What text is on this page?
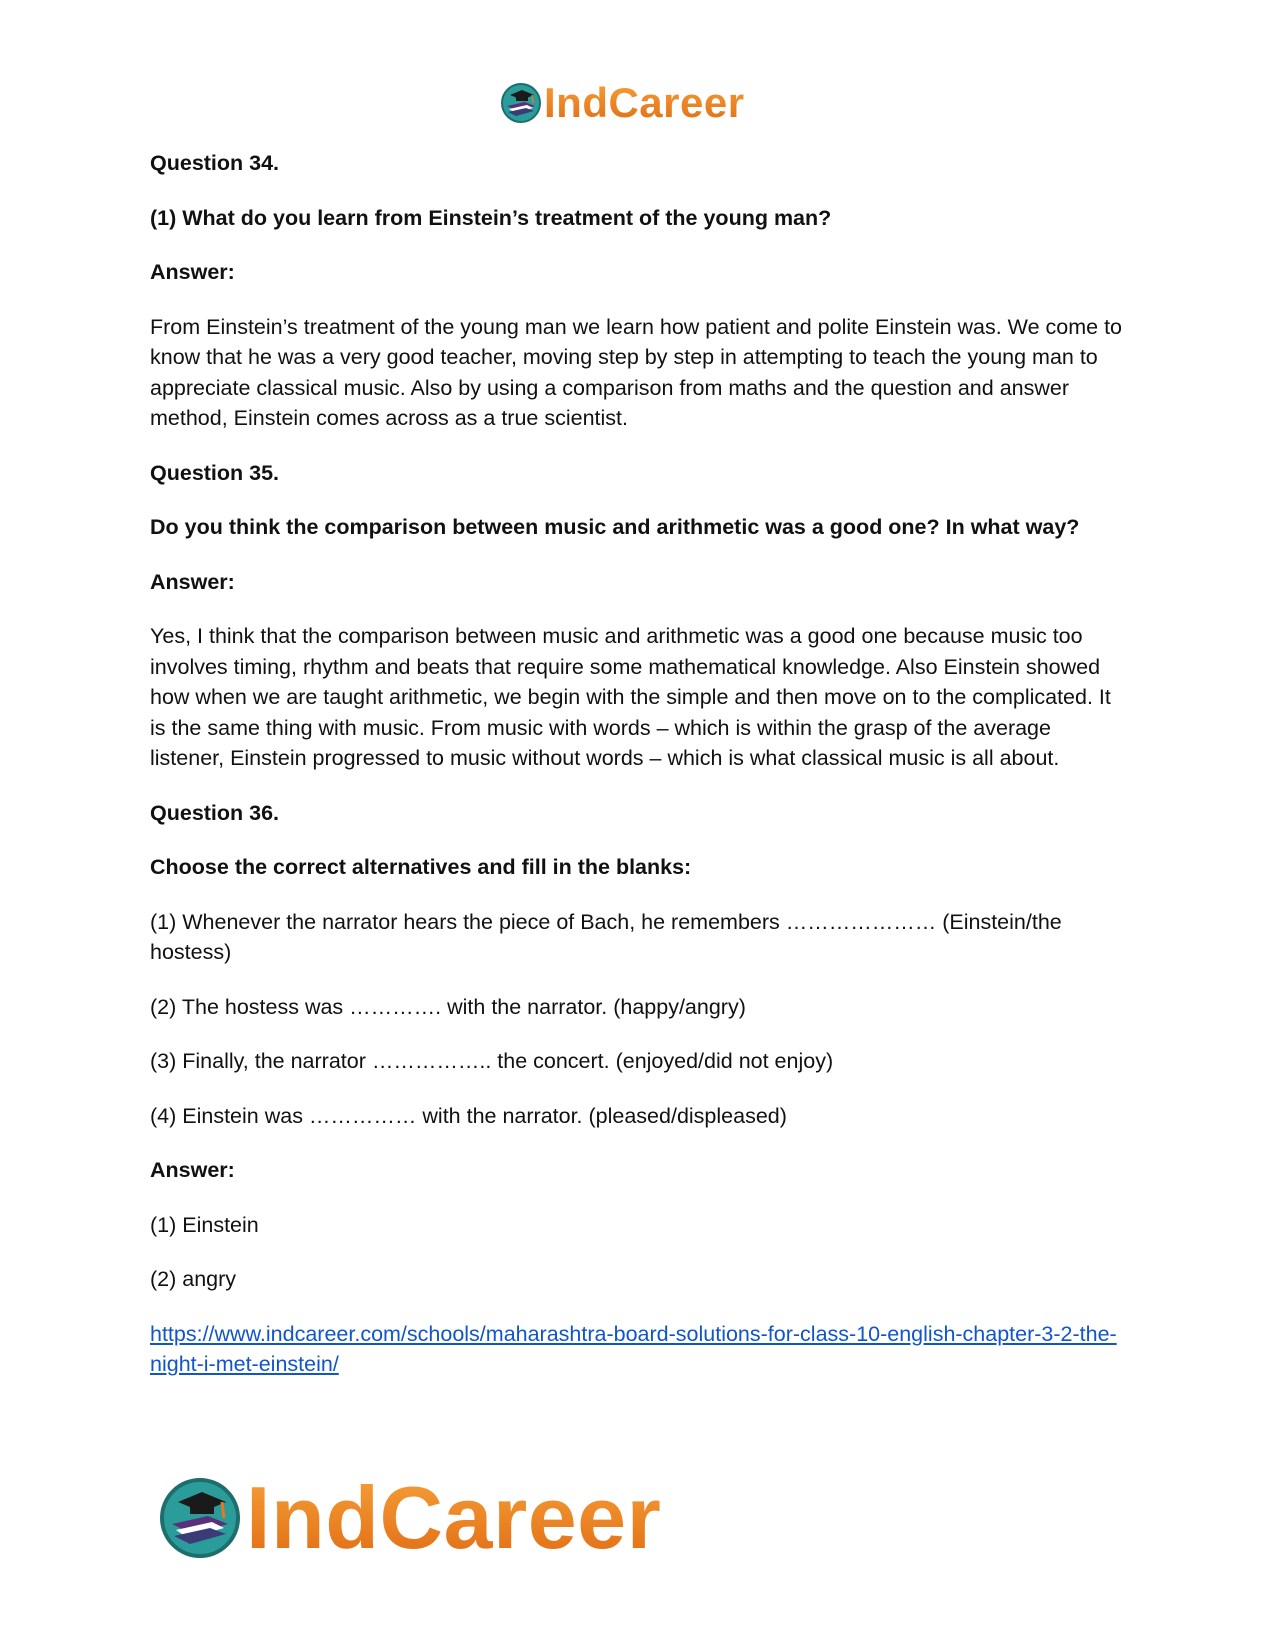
IndCareer

Question 34.

(1) What do you learn from Einstein’s treatment of the young man?

Answer:

From Einstein’s treatment of the young man we learn how patient and polite Einstein was. We come to know that he was a very good teacher, moving step by step in attempting to teach the young man to appreciate classical music. Also by using a comparison from maths and the question and answer method, Einstein comes across as a true scientist.

Question 35.

Do you think the comparison between music and arithmetic was a good one? In what way?

Answer:

Yes, I think that the comparison between music and arithmetic was a good one because music too involves timing, rhythm and beats that require some mathematical knowledge. Also Einstein showed how when we are taught arithmetic, we begin with the simple and then move on to the complicated. It is the same thing with music. From music with words – which is within the grasp of the average listener, Einstein progressed to music without words – which is what classical music is all about.

Question 36.

Choose the correct alternatives and fill in the blanks:

(1) Whenever the narrator hears the piece of Bach, he remembers ………………… (Einstein/the hostess)

(2) The hostess was …………. with the narrator. (happy/angry)

(3) Finally, the narrator …………….. the concert. (enjoyed/did not enjoy)

(4) Einstein was …………… with the narrator. (pleased/displeased)

Answer:

(1) Einstein

(2) angry

https://www.indcareer.com/schools/maharashtra-board-solutions-for-class-10-english-chapter-3-2-the-night-i-met-einstein/

IndCareer
